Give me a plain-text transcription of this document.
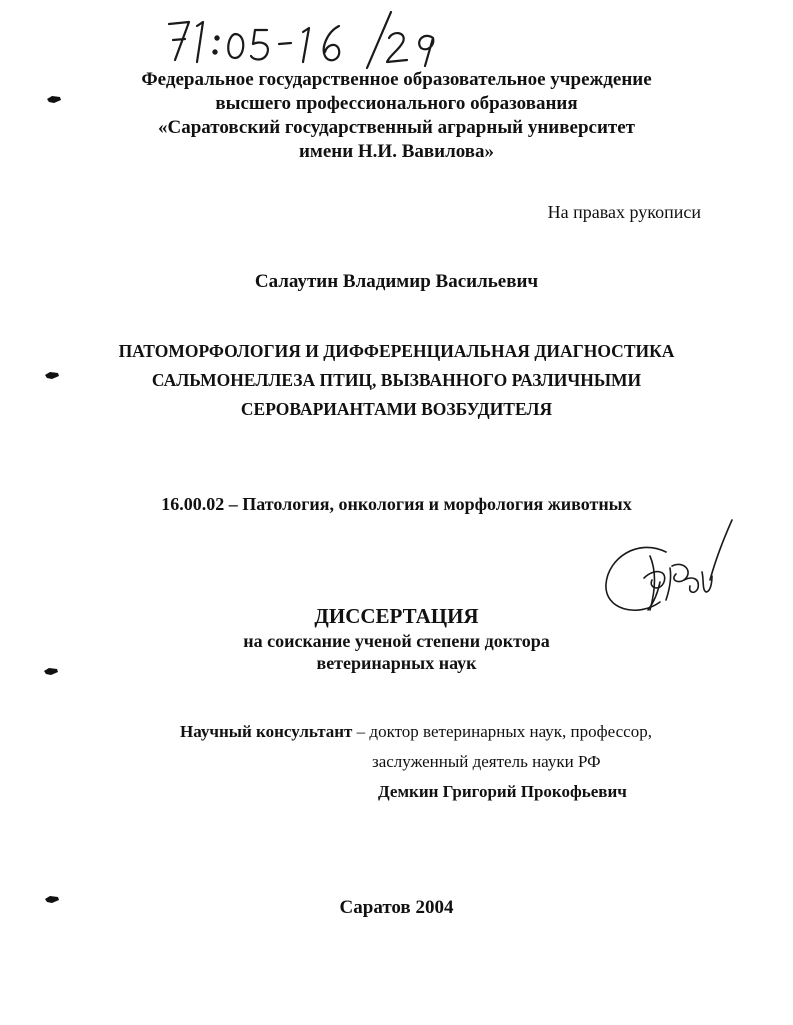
Федеральное государственное образовательное учреждение
высшего профессионального образования
«Саратовский государственный аграрный университет
имени Н.И. Вавилова»
На правах рукописи
Салаутин Владимир Васильевич
ПАТОМОРФОЛОГИЯ И ДИФФЕРЕНЦИАЛЬНАЯ ДИАГНОСТИКА
САЛЬМОНЕЛЛЕЗА ПТИЦ, ВЫЗВАННОГО РАЗЛИЧНЫМИ
СЕРОВАРИАНТАМИ ВОЗБУДИТЕЛЯ
16.00.02 – Патология, онкология и морфология животных
ДИССЕРТАЦИЯ
на соискание ученой степени доктора
ветеринарных наук
Научный консультант – доктор ветеринарных наук, профессор,
заслуженный деятель науки РФ
Демкин Григорий Прокофьевич
Саратов 2004
